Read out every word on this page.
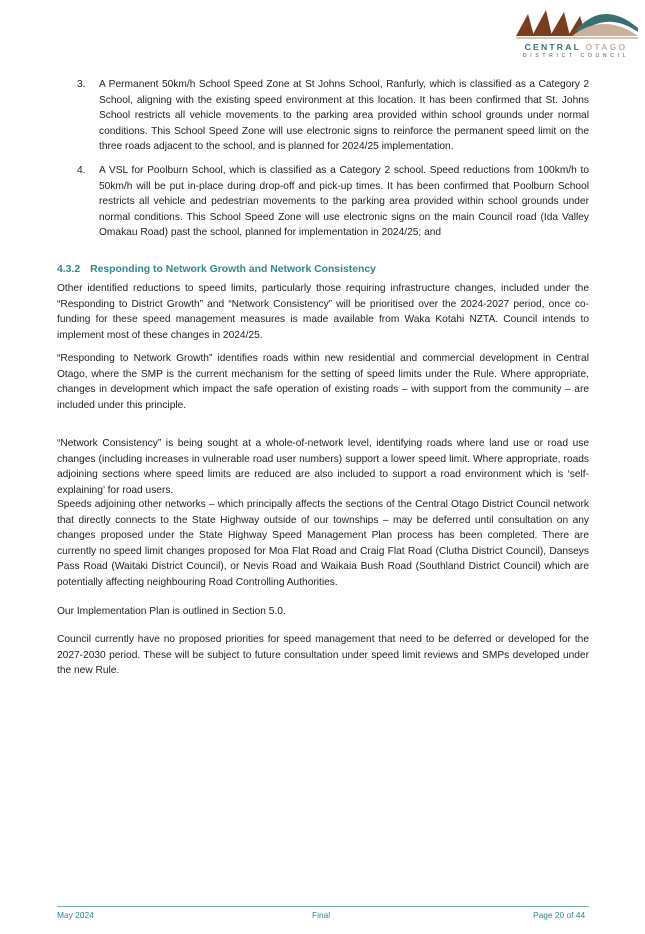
CENTRAL OTAGO
DISTRICT COUNCIL
3. A Permanent 50km/h School Speed Zone at St Johns School, Ranfurly, which is classified as a Category 2 School, aligning with the existing speed environment at this location. It has been confirmed that St. Johns School restricts all vehicle movements to the parking area provided within school grounds under normal conditions. This School Speed Zone will use electronic signs to reinforce the permanent speed limit on the three roads adjacent to the school, and is planned for 2024/25 implementation.

4. A VSL for Poolburn School, which is classified as a Category 2 school. Speed reductions from 100km/h to 50km/h will be put in-place during drop-off and pick-up times. It has been confirmed that Poolburn School restricts all vehicle and pedestrian movements to the parking area provided within school grounds under normal conditions. This School Speed Zone will use electronic signs on the main Council road (Ida Valley Omakau Road) past the school, planned for implementation in 2024/25; and

4.3.2 Responding to Network Growth and Network Consistency

Other identified reductions to speed limits, particularly those requiring infrastructure changes, included under the “Responding to District Growth” and “Network Consistency” will be prioritised over the 2024-2027 period, once co-funding for these speed management measures is made available from Waka Kotahi NZTA. Council intends to implement most of these changes in 2024/25.

“Responding to Network Growth” identifies roads within new residential and commercial development in Central Otago, where the SMP is the current mechanism for the setting of speed limits under the Rule. Where appropriate, changes in development which impact the safe operation of existing roads – with support from the community – are included under this principle.

“Network Consistency” is being sought at a whole-of-network level, identifying roads where land use or road use changes (including increases in vulnerable road user numbers) support a lower speed limit. Where appropriate, roads adjoining sections where speed limits are reduced are also included to support a road environment which is ‘self-explaining’ for road users.

Speeds adjoining other networks – which principally affects the sections of the Central Otago District Council network that directly connects to the State Highway outside of our townships – may be deferred until consultation on any changes proposed under the State Highway Speed Management Plan process has been completed. There are currently no speed limit changes proposed for Moa Flat Road and Craig Flat Road (Clutha District Council), Danseys Pass Road (Waitaki District Council), or Nevis Road and Waikaia Bush Road (Southland District Council) which are potentially affecting neighbouring Road Controlling Authorities.

Our Implementation Plan is outlined in Section 5.0.

Council currently have no proposed priorities for speed management that need to be deferred or developed for the 2027-2030 period. These will be subject to future consultation under speed limit reviews and SMPs developed under the new Rule.

May 2024	Final	Page 20 of 44
